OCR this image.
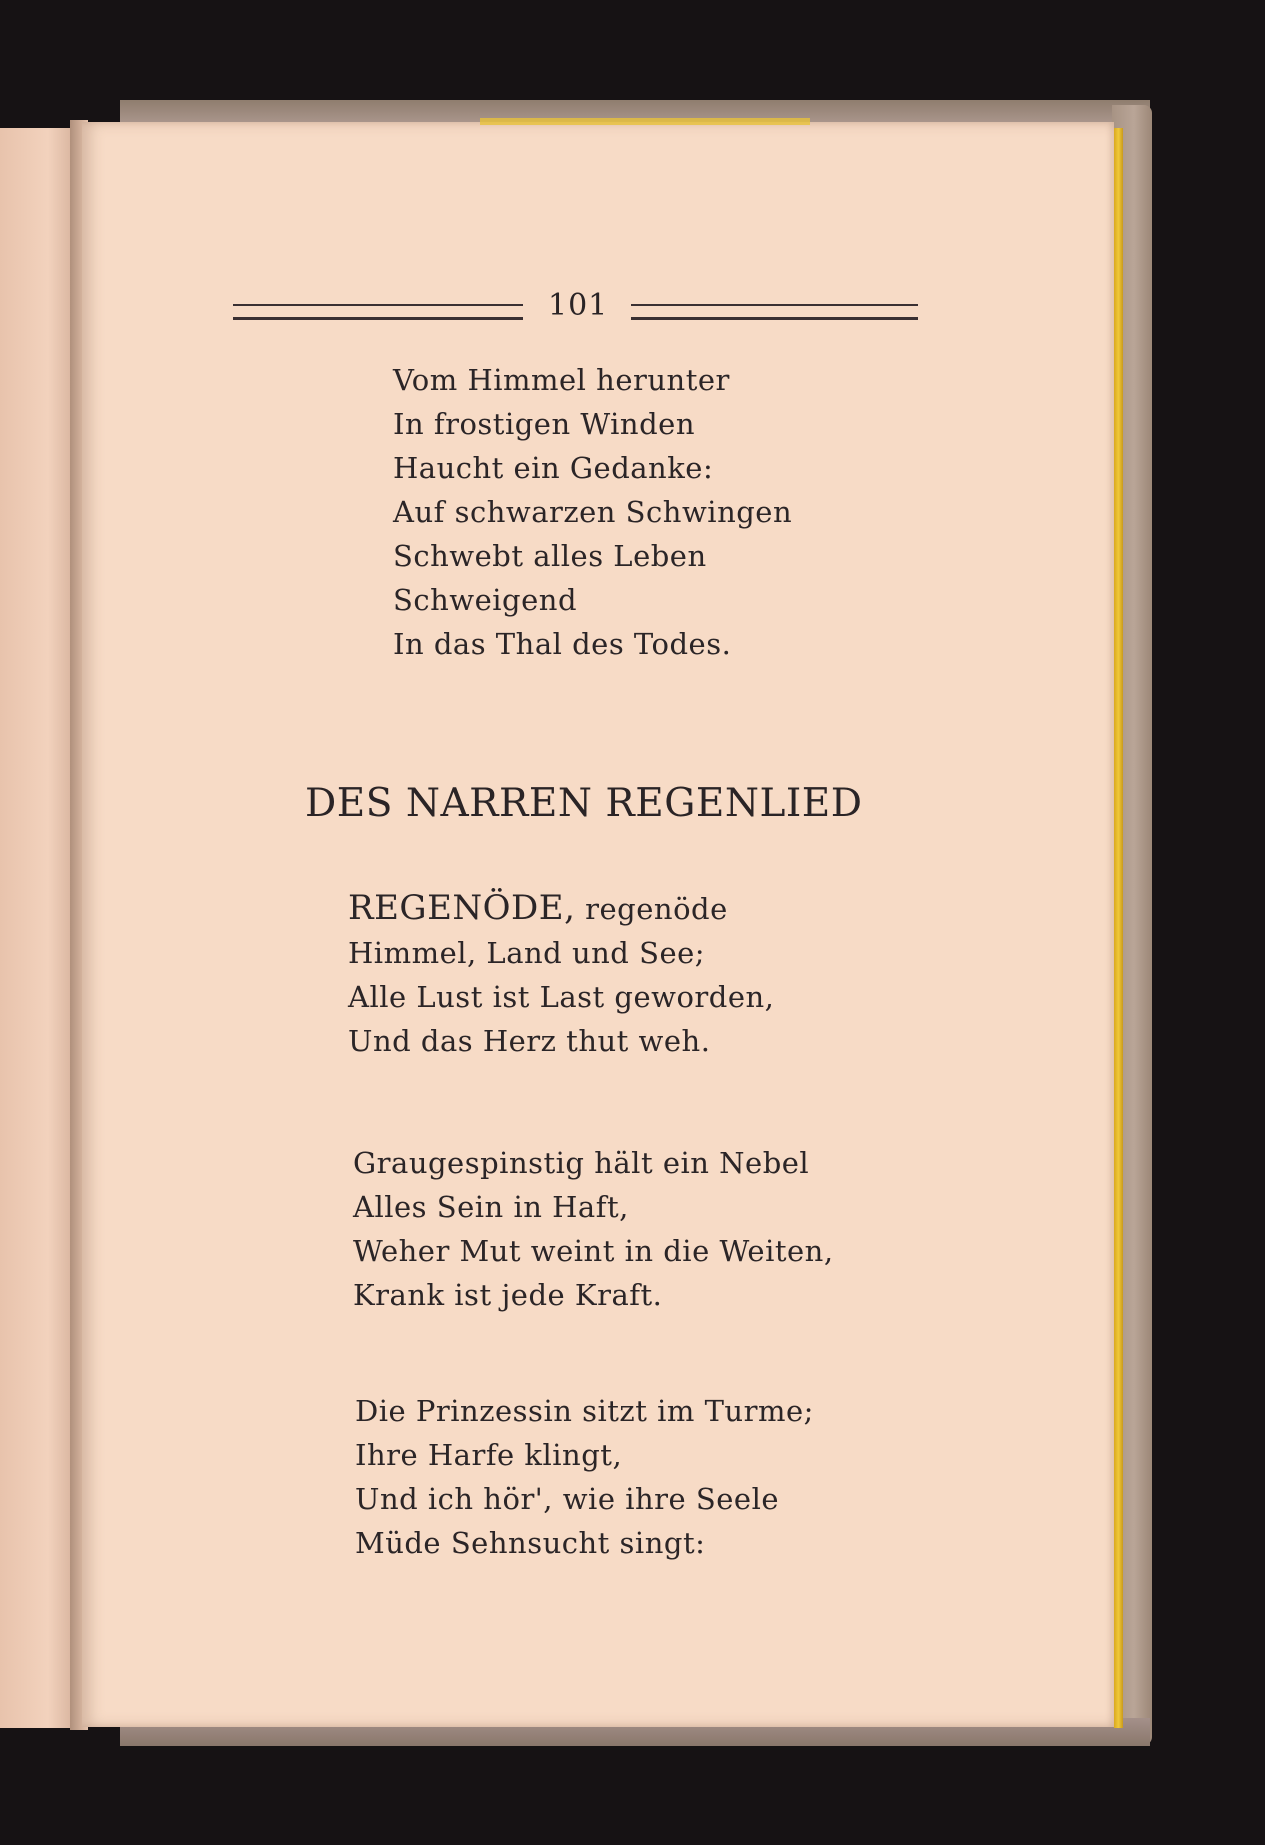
101
Vom Himmel herunter
In frostigen Winden
Haucht ein Gedanke:
Auf schwarzen Schwingen
Schwebt alles Leben
Schweigend
In das Thal des Todes.
DES NARREN REGENLIED
REGENÖDE, regenöde
Himmel, Land und See;
Alle Lust ist Last geworden,
Und das Herz thut weh.
Graugespinstig hält ein Nebel
Alles Sein in Haft,
Weher Mut weint in die Weiten,
Krank ist jede Kraft.
Die Prinzessin sitzt im Turme;
Ihre Harfe klingt,
Und ich hör', wie ihre Seele
Müde Sehnsucht singt:
